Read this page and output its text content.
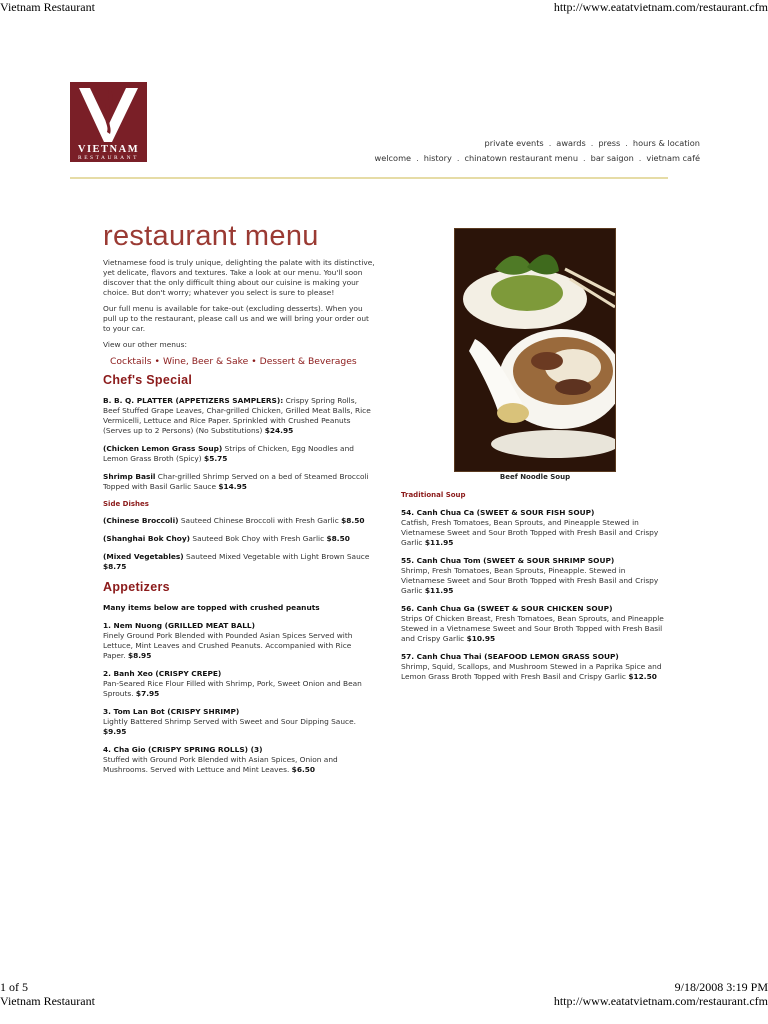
Vietnam Restaurant	http://www.eatatvietnam.com/restaurant.cfm
VIETNAM
RESTAURANT
private events . awards . press . hours & location
welcome . history . chinatown restaurant menu . bar saigon . vietnam café
restaurant menu

Vietnamese food is truly unique, delighting the palate with its distinctive, yet delicate, flavors and textures. Take a look at our menu. You'll soon discover that the only difficult thing about our cuisine is making your choice. But don't worry; whatever you select is sure to please!

Our full menu is available for take-out (excluding desserts). When you pull up to the restaurant, please call us and we will bring your order out to your car.

View our other menus:

Cocktails • Wine, Beer & Sake • Dessert & Beverages
Chef's Special
B. B. Q. PLATTER (APPETIZERS SAMPLERS): Crispy Spring Rolls, Beef Stuffed Grape Leaves, Char-grilled Chicken, Grilled Meat Balls, Rice Vermicelli, Lettuce and Rice Paper. Sprinkled with Crushed Peanuts (Serves up to 2 Persons) (No Substitutions) $24.95
(Chicken Lemon Grass Soup) Strips of Chicken, Egg Noodles and Lemon Grass Broth (Spicy) $5.75
Shrimp Basil Char-grilled Shrimp Served on a bed of Steamed Broccoli Topped with Basil Garlic Sauce $14.95
Side Dishes
(Chinese Broccoli) Sauteed Chinese Broccoli with Fresh Garlic $8.50
(Shanghai Bok Choy) Sauteed Bok Choy with Fresh Garlic $8.50
(Mixed Vegetables) Sauteed Mixed Vegetable with Light Brown Sauce $8.75
Appetizers
Many items below are topped with crushed peanuts
1. Nem Nuong (GRILLED MEAT BALL)
Finely Ground Pork Blended with Pounded Asian Spices Served with Lettuce, Mint Leaves and Crushed Peanuts. Accompanied with Rice Paper. $8.95
2. Banh Xeo (CRISPY CREPE)
Pan-Seared Rice Flour Filled with Shrimp, Pork, Sweet Onion and Bean Sprouts. $7.95
3. Tom Lan Bot (CRISPY SHRIMP)
Lightly Battered Shrimp Served with Sweet and Sour Dipping Sauce. $9.95
4. Cha Gio (CRISPY SPRING ROLLS) (3)
Stuffed with Ground Pork Blended with Asian Spices, Onion and Mushrooms. Served with Lettuce and Mint Leaves. $6.50
Beef Noodle Soup
Traditional Soup
54. Canh Chua Ca (SWEET & SOUR FISH SOUP)
Catfish, Fresh Tomatoes, Bean Sprouts, and Pineapple Stewed in Vietnamese Sweet and Sour Broth Topped with Fresh Basil and Crispy Garlic $11.95
55. Canh Chua Tom (SWEET & SOUR SHRIMP SOUP)
Shrimp, Fresh Tomatoes, Bean Sprouts, Pineapple. Stewed in Vietnamese Sweet and Sour Broth Topped with Fresh Basil and Crispy Garlic $11.95
56. Canh Chua Ga (SWEET & SOUR CHICKEN SOUP)
Strips Of Chicken Breast, Fresh Tomatoes, Bean Sprouts, and Pineapple Stewed in a Vietnamese Sweet and Sour Broth Topped with Fresh Basil and Crispy Garlic $10.95
57. Canh Chua Thai (SEAFOOD LEMON GRASS SOUP)
Shrimp, Squid, Scallops, and Mushroom Stewed in a Paprika Spice and Lemon Grass Broth Topped with Fresh Basil and Crispy Garlic $12.50
1 of 5
Vietnam Restaurant
9/18/2008 3:19 PM
http://www.eatatvietnam.com/restaurant.cfm
